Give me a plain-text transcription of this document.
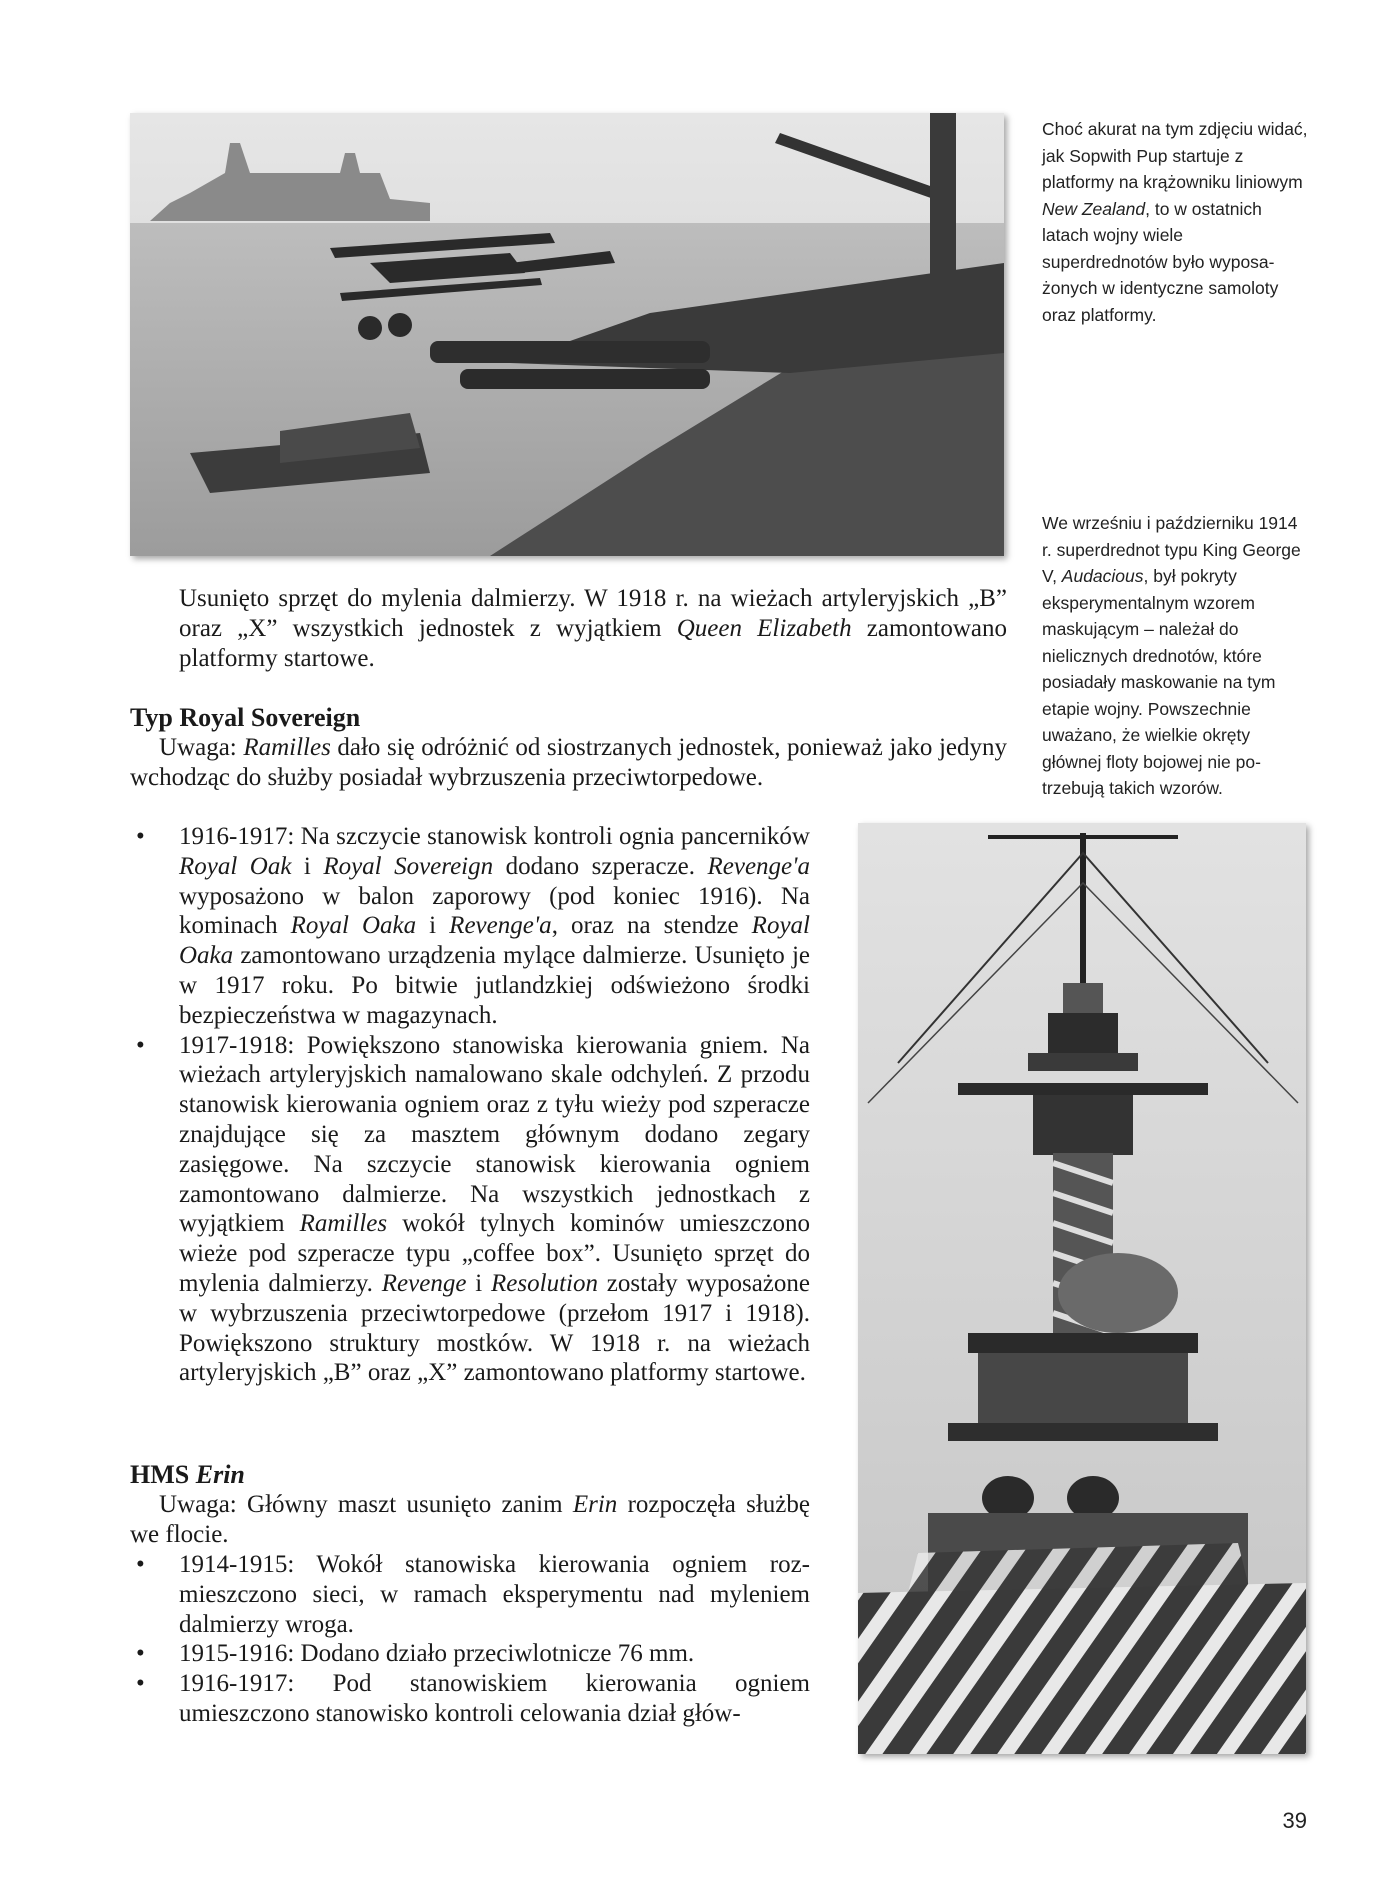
Choć akurat na tym zdjęciu widać, jak Sopwith Pup startuje z platformy na krążowniku liniowym New Zealand, to w ostatnich latach wojny wiele superdrednotów było wyposażonych w identyczne samoloty oraz platformy.
We wrześniu i październiku 1914 r. superdrednot typu King George V, Audacious, był pokryty eksperymentalnym wzorem maskującym – należał do nielicznych drednotów, które posiadały maskowanie na tym etapie wojny. Powszechnie uważano, że wielkie okręty głównej floty bojowej nie potrzebują takich wzorów.

Usunięto sprzęt do mylenia dalmierzy. W 1918 r. na wieżach artyleryjskich „B” oraz „X” wszystkich jednostek z wyjątkiem Queen Elizabeth zamontowano platformy startowe.

Typ Royal Sovereign

Uwaga: Ramilles dało się odróżnić od siostrzanych jednostek, ponieważ jako jedyny wchodząc do służby posiadał wybrzuszenia przeciwtorpedowe.

• 1916-1917: Na szczycie stanowisk kontroli ognia pancerników Royal Oak i Royal Sovereign dodano szperacze. Revenge'a wyposażono w balon zaporowy (pod koniec 1916). Na kominach Royal Oaka i Revenge'a, oraz na stendze Royal Oaka zamontowano urządzenia mylące dalmierze. Usunięto je w 1917 roku. Po bitwie jutlandzkiej odświeżono środki bezpieczeństwa w magazynach.
• 1917-1918: Powiększono stanowiska kierowania gniem. Na wieżach artyleryjskich namalowano skale odchyleń. Z przodu stanowisk kierowania ogniem oraz z tyłu wieży pod szperacze znajdujące się za masztem głównym dodano zegary zasięgowe. Na szczycie stanowisk kierowania ogniem zamontowano dalmierze. Na wszystkich jednostkach z wyjątkiem Ramilles wokół tylnych kominów umieszczono wieże pod szperacze typu „coffee box”. Usunięto sprzęt do mylenia dalmierzy. Revenge i Resolution zostały wyposażone w wybrzuszenia przeciwtorpedowe (przełom 1917 i 1918). Powiększono struktury mostków. W 1918 r. na wieżach artyleryjskich „B” oraz „X” zamontowano platformy startowe.
HMS Erin

Uwaga: Główny maszt usunięto zanim Erin rozpoczęła służbę we flocie.

• 1914-1915: Wokół stanowiska kierowania ogniem rozmieszczono sieci, w ramach eksperymentu nad myleniem dalmierzy wroga.
• 1915-1916: Dodano działo przeciwlotnicze 76 mm.
• 1916-1917: Pod stanowiskiem kierowania ogniem umieszczono stanowisko kontroli celowania dział głów-
39
